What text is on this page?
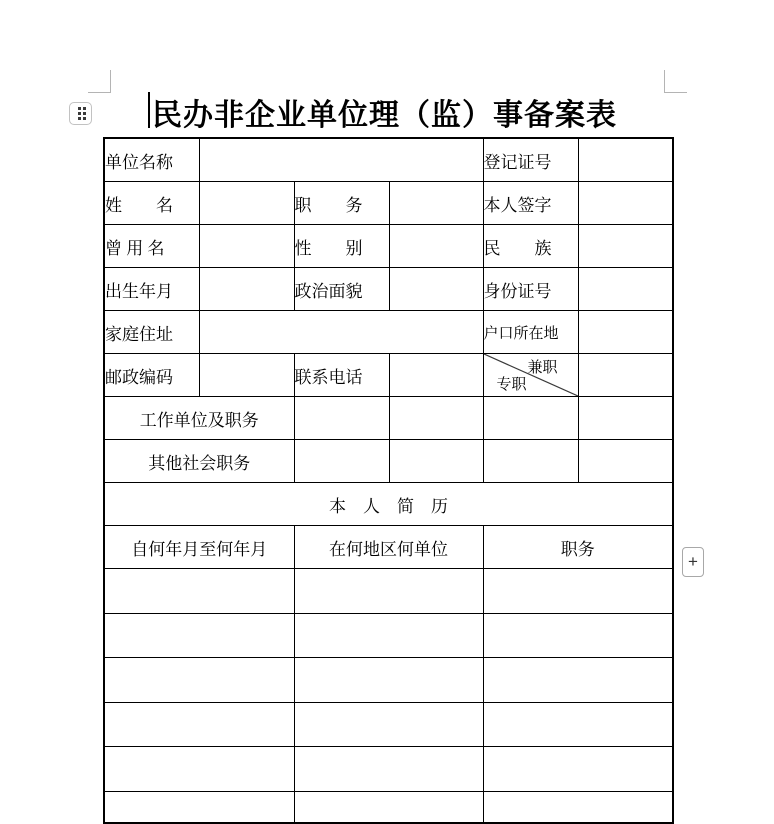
民办非企业单位理（监）事备案表
+
单位名称				登记证号	
姓　　名		职　　务		本人签字	
曾 用 名		性　　别		民　　族	
出生年月		政治面貌		身份证号	
家庭住址				户口所在地	
邮政编码		联系电话		兼职
专职	

工作单位及职务					
其他社会职务					
本　人　简　历					
自何年月至何年月		在何地区何单位		职务	
